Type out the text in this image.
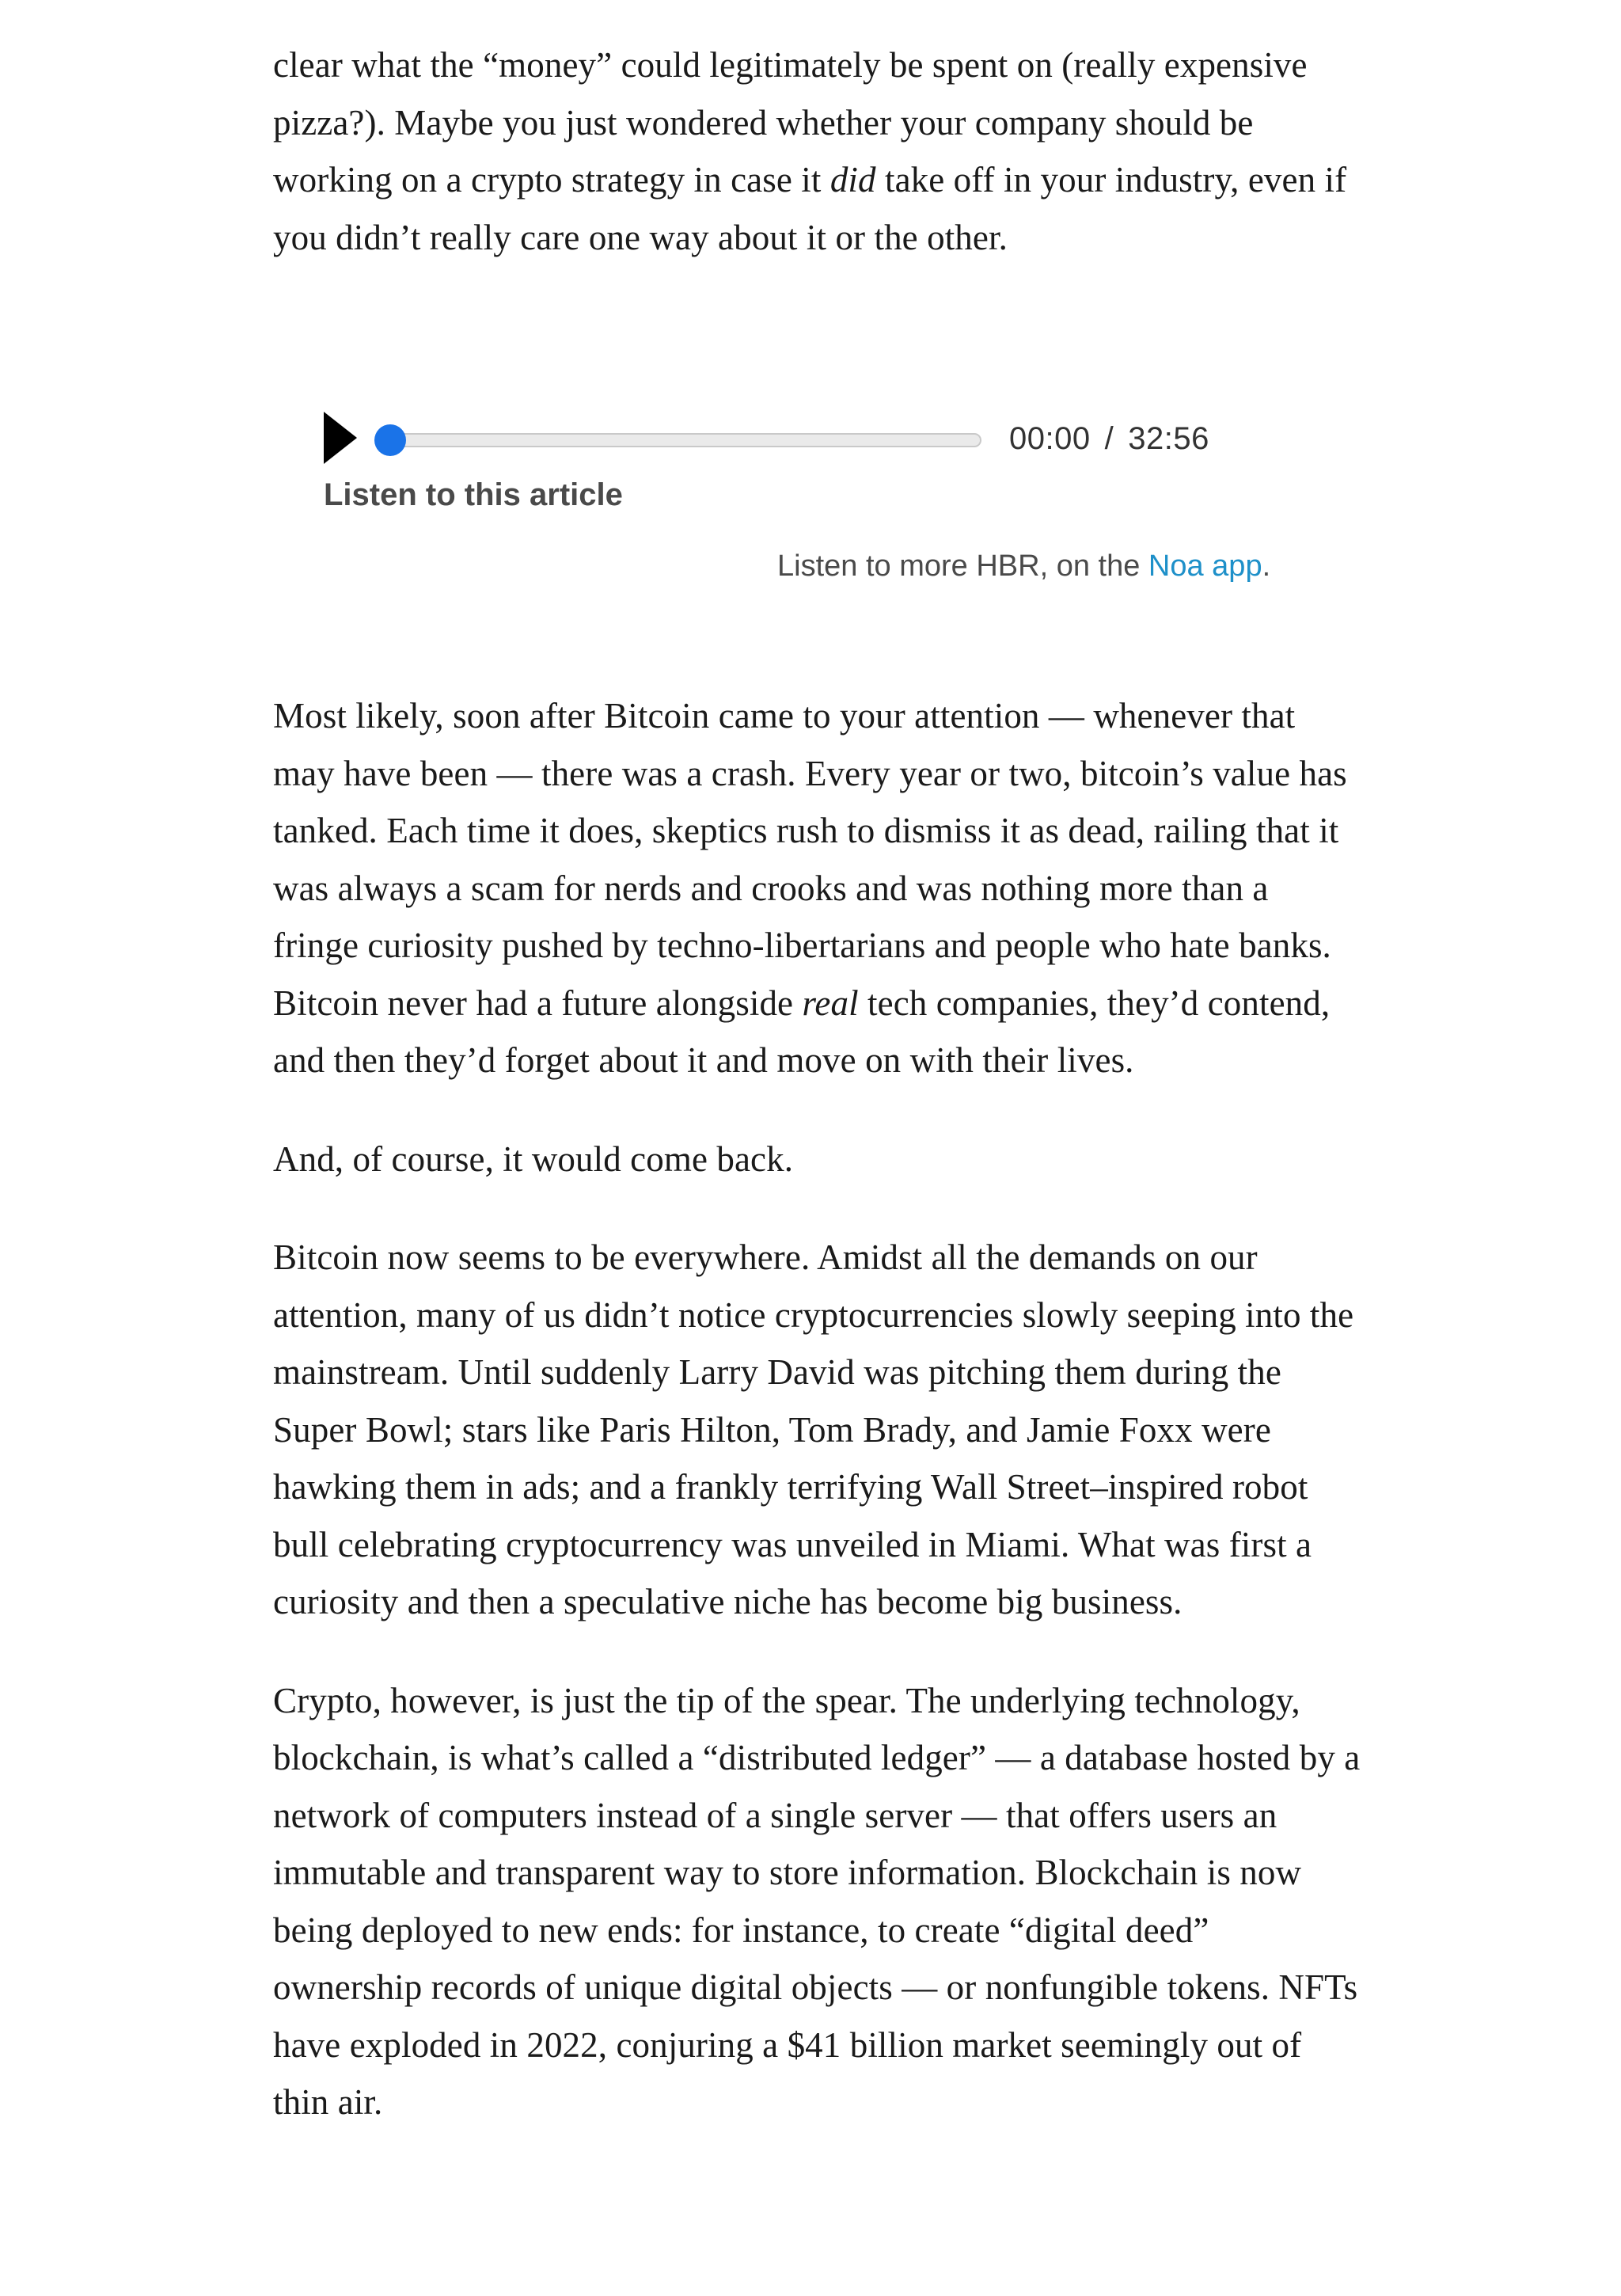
clear what the “money” could legitimately be spent on (really expensive pizza?). Maybe you just wondered whether your company should be working on a crypto strategy in case it did take off in your industry, even if you didn’t really care one way about it or the other.

00:00 / 32:56
Listen to this article
Listen to more HBR, on the Noa app.

Most likely, soon after Bitcoin came to your attention — whenever that may have been — there was a crash. Every year or two, bitcoin’s value has tanked. Each time it does, skeptics rush to dismiss it as dead, railing that it was always a scam for nerds and crooks and was nothing more than a fringe curiosity pushed by techno-libertarians and people who hate banks. Bitcoin never had a future alongside real tech companies, they’d contend, and then they’d forget about it and move on with their lives.

And, of course, it would come back.

Bitcoin now seems to be everywhere. Amidst all the demands on our attention, many of us didn’t notice cryptocurrencies slowly seeping into the mainstream. Until suddenly Larry David was pitching them during the Super Bowl; stars like Paris Hilton, Tom Brady, and Jamie Foxx were hawking them in ads; and a frankly terrifying Wall Street–inspired robot bull celebrating cryptocurrency was unveiled in Miami. What was first a curiosity and then a speculative niche has become big business.

Crypto, however, is just the tip of the spear. The underlying technology, blockchain, is what’s called a “distributed ledger” — a database hosted by a network of computers instead of a single server — that offers users an immutable and transparent way to store information. Blockchain is now being deployed to new ends: for instance, to create “digital deed” ownership records of unique digital objects — or nonfungible tokens. NFTs have exploded in 2022, conjuring a $41 billion market seemingly out of thin air.
